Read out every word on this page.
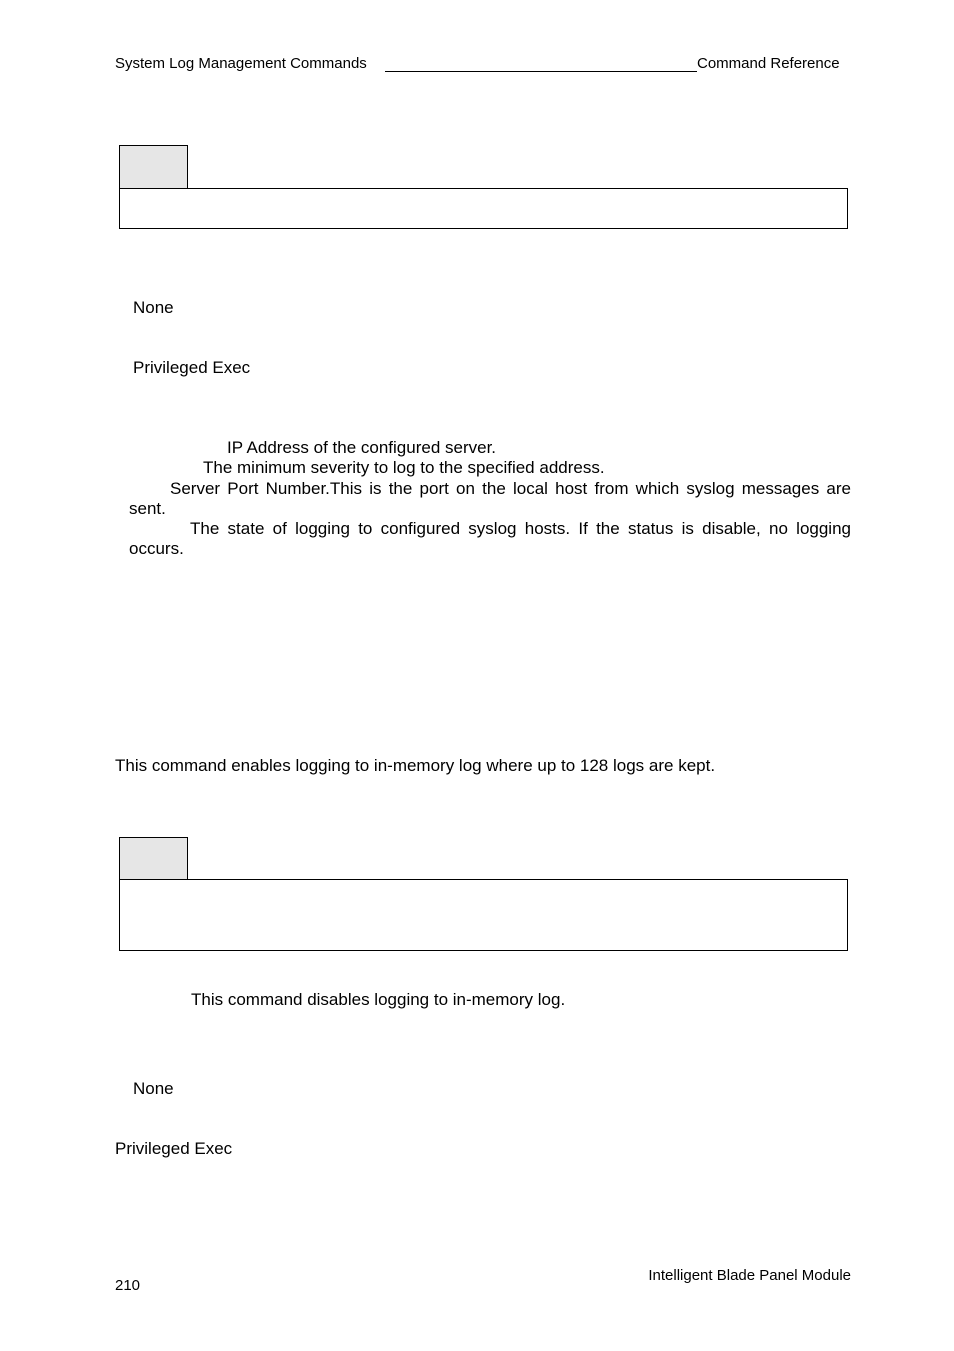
System Log Management Commands	Command Reference
None
Privileged Exec
IP Address of the configured server.
The minimum severity to log to the specified address.
Server Port Number.This is the port on the local host from which syslog messages are sent.
The state of logging to configured syslog hosts. If the status is disable, no logging occurs.
This command enables logging to in-memory log where up to 128 logs are kept.
This command disables logging to in-memory log.
None
Privileged Exec
210
Intelligent Blade Panel Module
